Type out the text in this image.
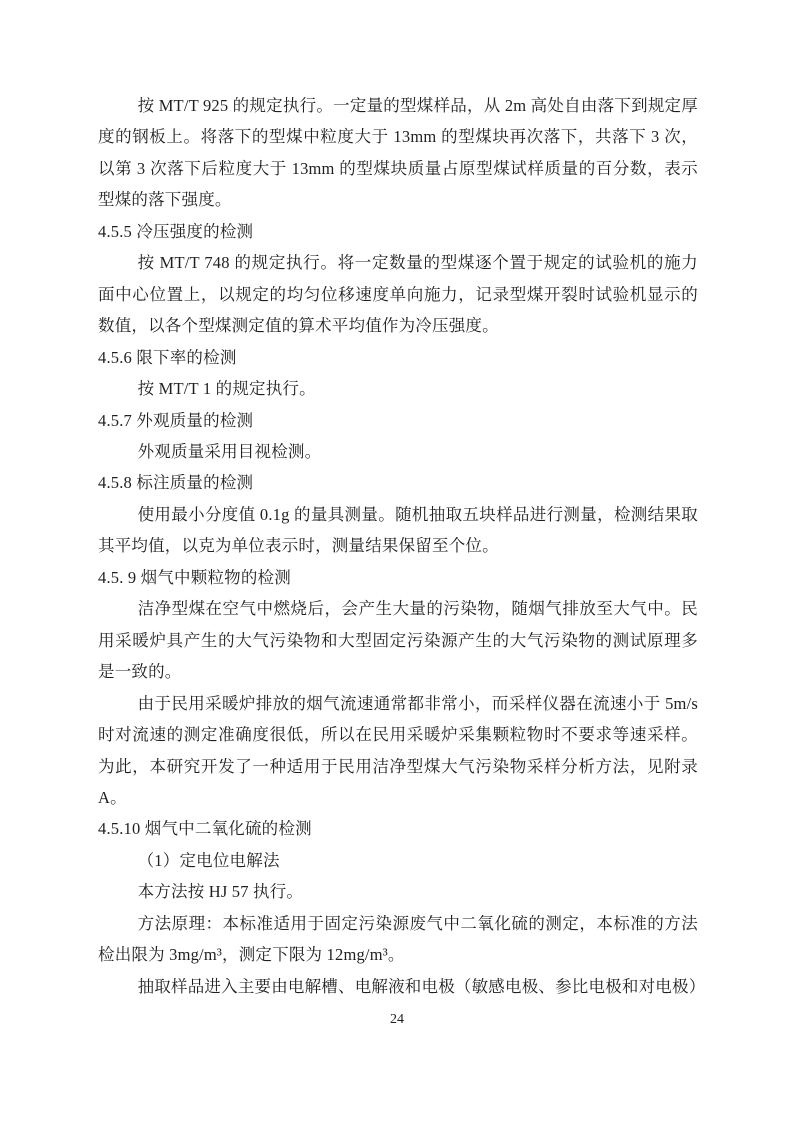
按 MT/T 925 的规定执行。一定量的型煤样品，从 2m 高处自由落下到规定厚度的钢板上。将落下的型煤中粒度大于 13mm 的型煤块再次落下，共落下 3 次，以第 3 次落下后粒度大于 13mm 的型煤块质量占原型煤试样质量的百分数，表示型煤的落下强度。

4.5.5 冷压强度的检测

按 MT/T 748 的规定执行。将一定数量的型煤逐个置于规定的试验机的施力面中心位置上，以规定的均匀位移速度单向施力，记录型煤开裂时试验机显示的数值，以各个型煤测定值的算术平均值作为冷压强度。

4.5.6 限下率的检测

按 MT/T 1 的规定执行。

4.5.7 外观质量的检测

外观质量采用目视检测。

4.5.8 标注质量的检测

使用最小分度值 0.1g 的量具测量。随机抽取五块样品进行测量，检测结果取其平均值，以克为单位表示时，测量结果保留至个位。

4.5. 9 烟气中颗粒物的检测

洁净型煤在空气中燃烧后，会产生大量的污染物，随烟气排放至大气中。民用采暖炉具产生的大气污染物和大型固定污染源产生的大气污染物的测试原理多是一致的。

由于民用采暖炉排放的烟气流速通常都非常小，而采样仪器在流速小于 5m/s 时对流速的测定准确度很低，所以在民用采暖炉采集颗粒物时不要求等速采样。为此，本研究开发了一种适用于民用洁净型煤大气污染物采样分析方法，见附录 A。

4.5.10 烟气中二氧化硫的检测

（1）定电位电解法

本方法按 HJ 57 执行。

方法原理：本标准适用于固定污染源废气中二氧化硫的测定，本标准的方法检出限为 3mg/m³，测定下限为 12mg/m³。

抽取样品进入主要由电解槽、电解液和电极（敏感电极、参比电极和对电极）

24
